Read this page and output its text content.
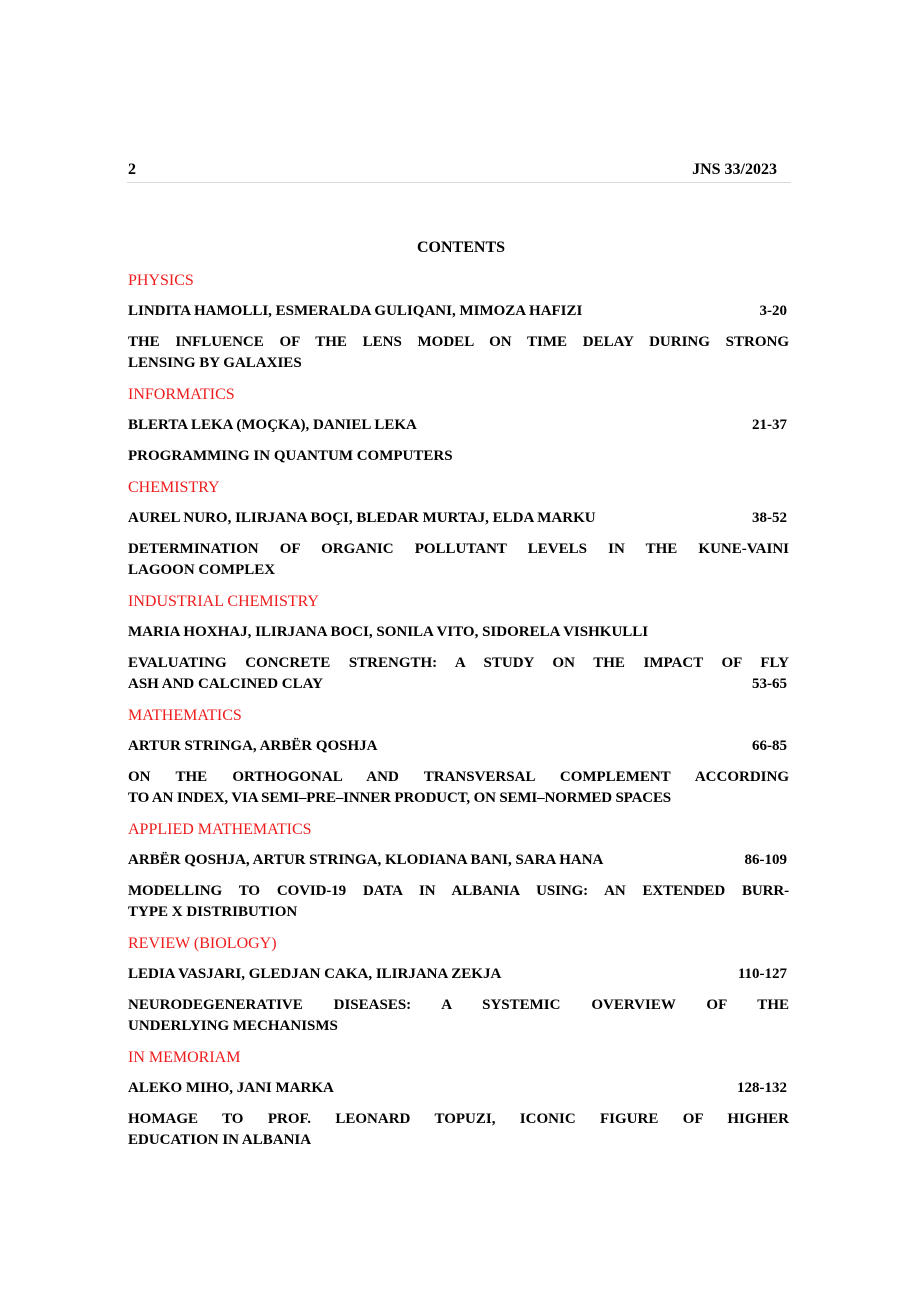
2	JNS 33/2023
CONTENTS
PHYSICS
LINDITA HAMOLLI, ESMERALDA GULIQANI, MIMOZA HAFIZI	3-20
THE INFLUENCE OF THE LENS MODEL ON TIME DELAY DURING STRONG
LENSING BY GALAXIES
INFORMATICS
BLERTA LEKA (MOÇKA), DANIEL LEKA	21-37
PROGRAMMING IN QUANTUM COMPUTERS
CHEMISTRY
AUREL NURO, ILIRJANA BOÇI, BLEDAR MURTAJ, ELDA MARKU	38-52
DETERMINATION OF ORGANIC POLLUTANT LEVELS IN THE KUNE-VAINI
LAGOON COMPLEX
INDUSTRIAL CHEMISTRY
MARIA HOXHAJ, ILIRJANA BOCI, SONILA VITO, SIDORELA VISHKULLI
EVALUATING CONCRETE STRENGTH: A STUDY ON THE IMPACT OF FLY
ASH AND CALCINED CLAY	53-65
MATHEMATICS
ARTUR STRINGA, ARBËR QOSHJA	66-85
ON THE ORTHOGONAL AND TRANSVERSAL COMPLEMENT ACCORDING
TO AN INDEX, VIA SEMI–PRE–INNER PRODUCT, ON SEMI–NORMED SPACES
APPLIED MATHEMATICS
ARBËR QOSHJA, ARTUR STRINGA, KLODIANA BANI, SARA HANA	86-109
MODELLING TO COVID-19 DATA IN ALBANIA USING: AN EXTENDED BURR-
TYPE X DISTRIBUTION
REVIEW (BIOLOGY)
LEDIA VASJARI, GLEDJAN CAKA, ILIRJANA ZEKJA	110-127
NEURODEGENERATIVE DISEASES: A SYSTEMIC OVERVIEW OF THE
UNDERLYING MECHANISMS
IN MEMORIAM
ALEKO MIHO, JANI MARKA	128-132
HOMAGE TO PROF. LEONARD TOPUZI, ICONIC FIGURE OF HIGHER
EDUCATION IN ALBANIA
